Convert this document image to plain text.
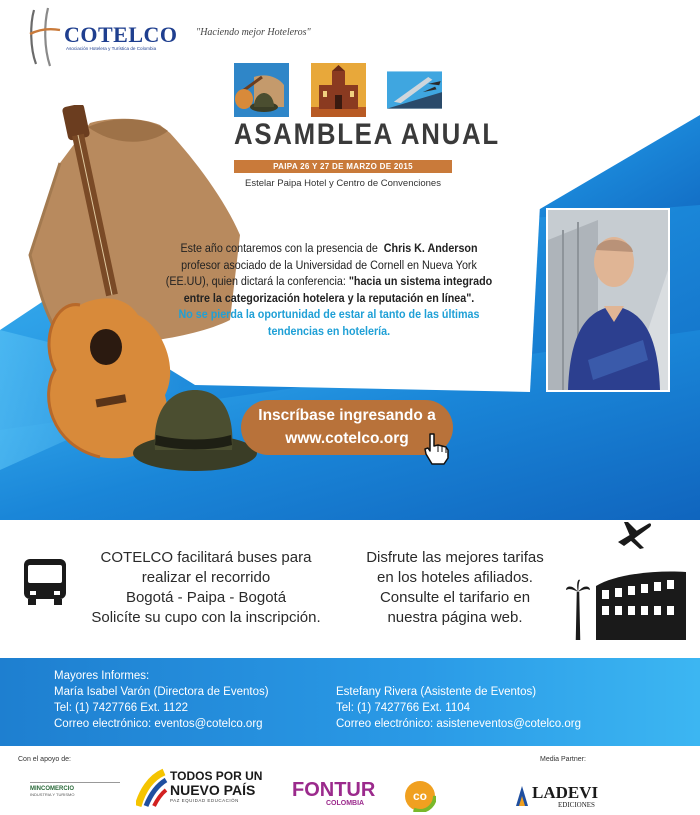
COTELCO
Asociación Hotelera y Turística de Colombia
"Haciendo mejor Hoteleros"
ASAMBLEA ANUAL
PAIPA 26 Y 27 DE MARZO DE 2015
Estelar Paipa Hotel y Centro de Convenciones
Este año contaremos con la presencia de Chris K. Anderson
profesor asociado de la Universidad de Cornell en Nueva York
(EE.UU), quien dictará la conferencia: "hacia un sistema integrado entre la categorización hotelera y la reputación en línea".
No se pierda la oportunidad de estar al tanto de las últimas tendencias en hotelería.
Inscríbase ingresando a
www.cotelco.org
COTELCO facilitará buses para
realizar el recorrido
Bogotá - Paipa - Bogotá
Solicíte su cupo con la inscripción.
Disfrute las mejores tarifas
en los hoteles afiliados.
Consulte el tarifario en
nuestra página web.
Mayores Informes:
María Isabel Varón (Directora de Eventos)
Tel: (1) 7427766 Ext. 1122
Correo electrónico: eventos@cotelco.org
Estefany Rivera (Asistente de Eventos)
Tel: (1) 7427766 Ext. 1104
Correo electrónico: asisteneventos@cotelco.org
Con el apoyo de:	Media Partner:
MINCOMERCIO
INDUSTRIA Y TURISMO
TODOS POR UN
NUEVO PAÍS
PAZ EQUIDAD EDUCACIÓN	FONTUR
COLOMBIA
co	LADEVI
EDICIONES
